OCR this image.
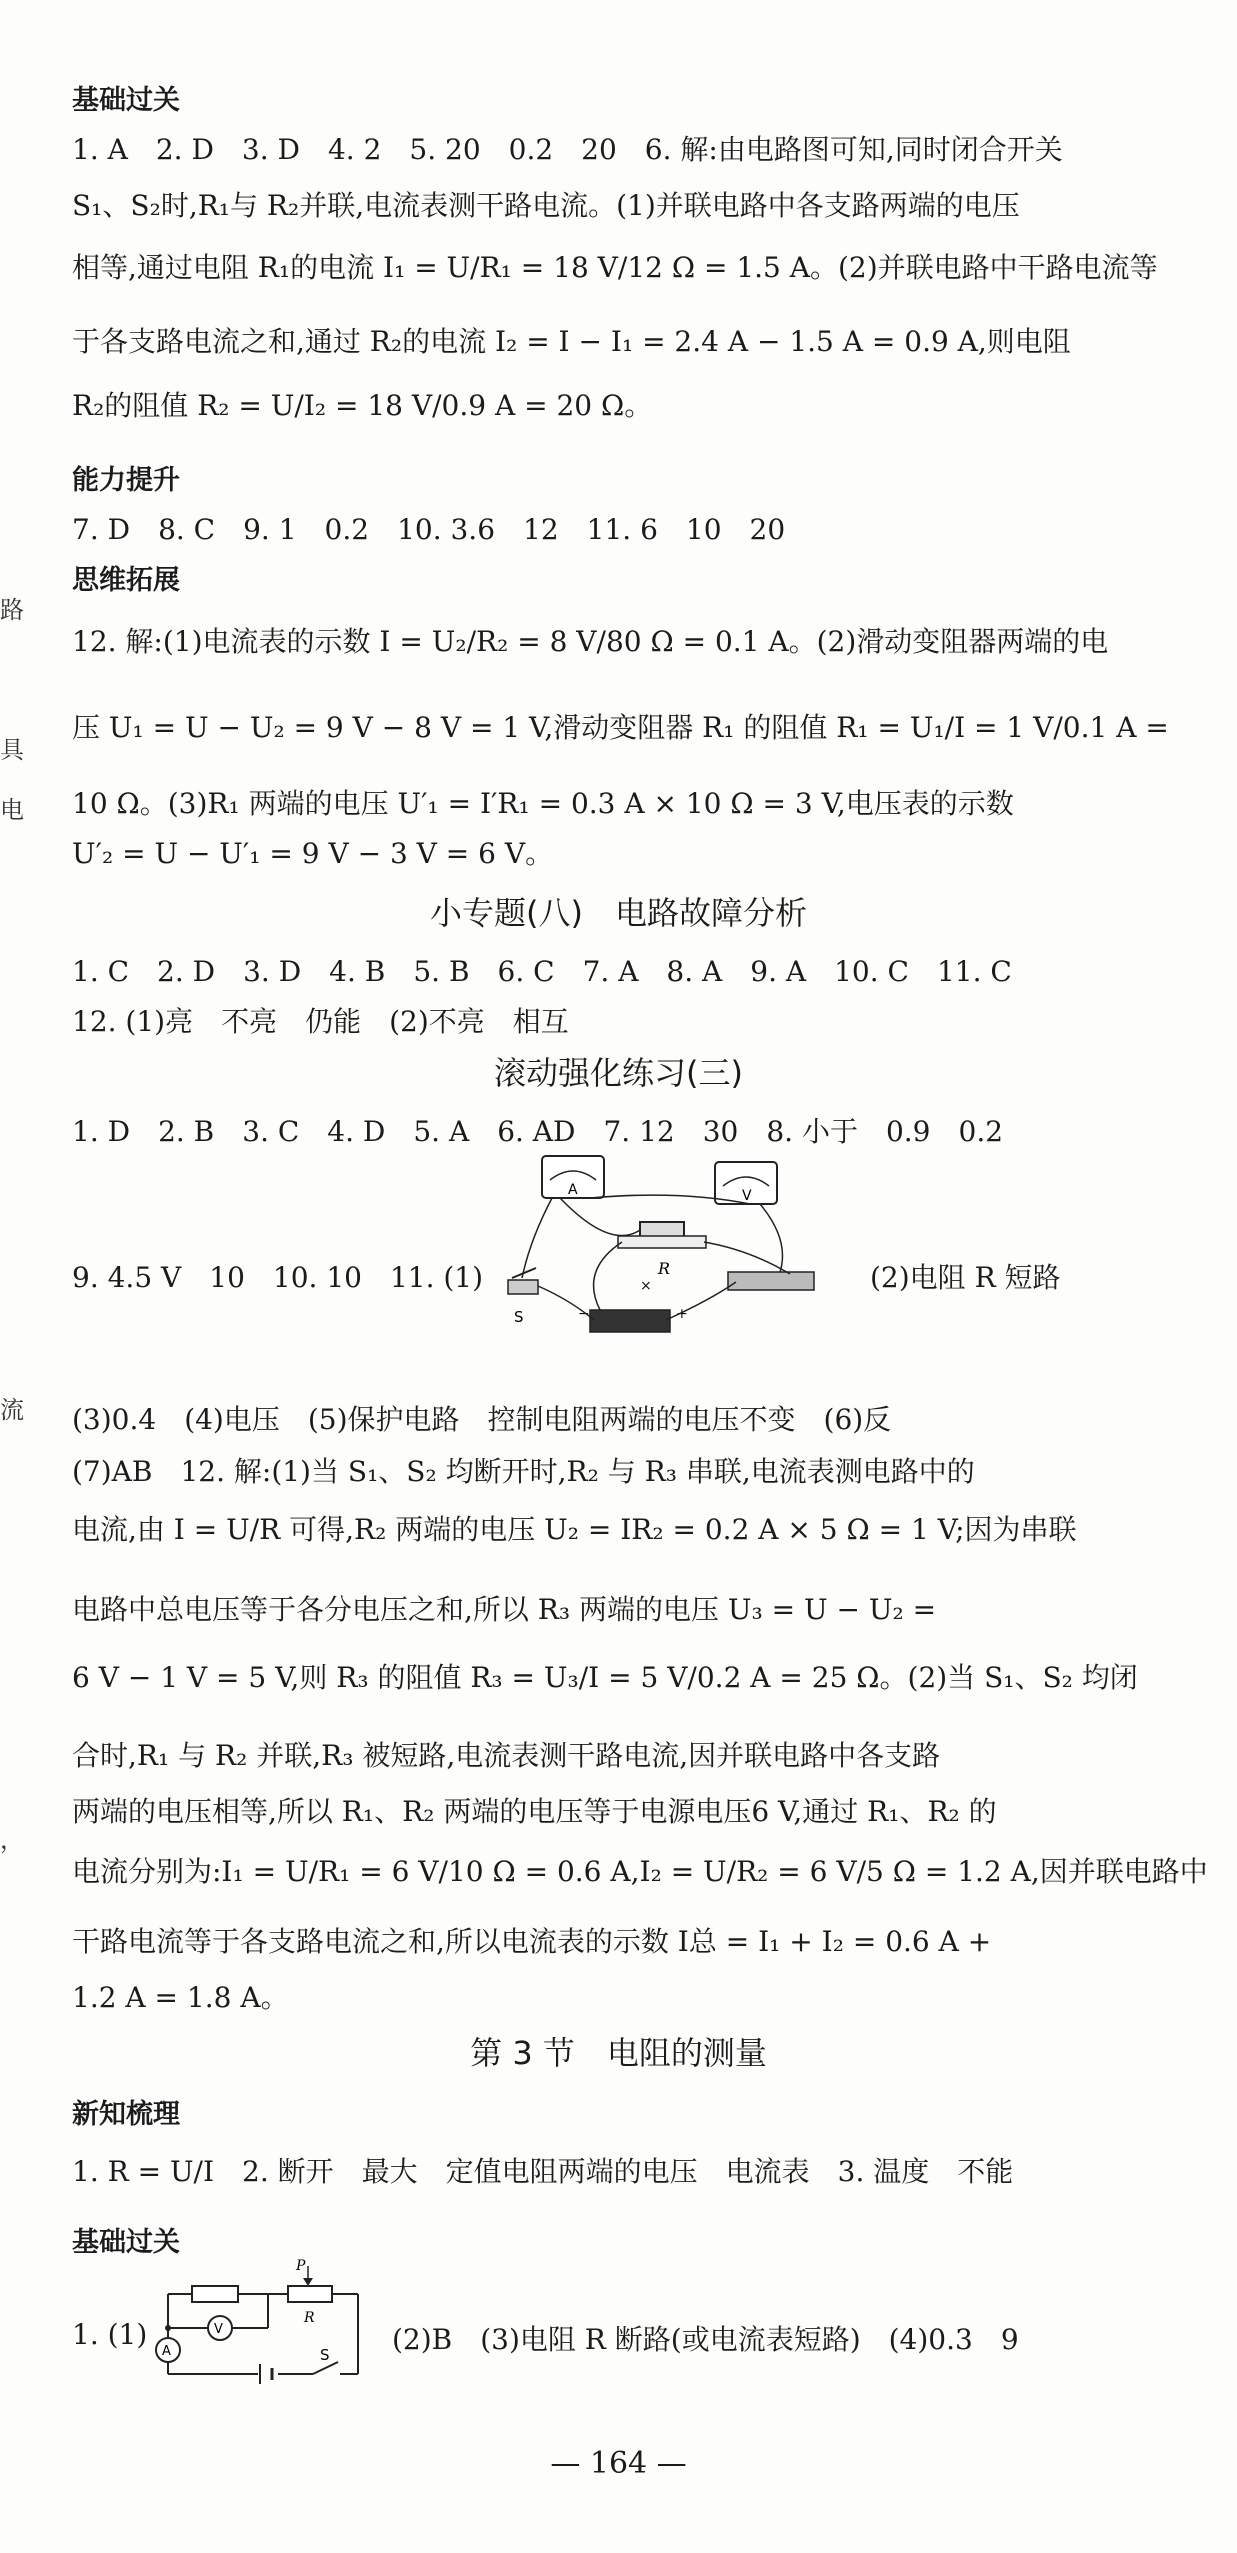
路
具
电
流
，
基础过关
1. A　2. D　3. D　4. 2　5. 20　0.2　20　6. 解:由电路图可知,同时闭合开关
S₁、S₂时,R₁与 R₂并联,电流表测干路电流。(1)并联电路中各支路两端的电压
相等,通过电阻 R₁的电流 I₁ = U/R₁ = 18 V/12 Ω = 1.5 A。(2)并联电路中干路电流等
于各支路电流之和,通过 R₂的电流 I₂ = I − I₁ = 2.4 A − 1.5 A = 0.9 A,则电阻
R₂的阻值 R₂ = U/I₂ = 18 V/0.9 A = 20 Ω。
能力提升
7. D　8. C　9. 1　0.2　10. 3.6　12　11. 6　10　20
思维拓展
12. 解:(1)电流表的示数 I = U₂/R₂ = 8 V/80 Ω = 0.1 A。(2)滑动变阻器两端的电
压 U₁ = U − U₂ = 9 V − 8 V = 1 V,滑动变阻器 R₁ 的阻值 R₁ = U₁/I = 1 V/0.1 A =
10 Ω。(3)R₁ 两端的电压 U′₁ = I′R₁ = 0.3 A × 10 Ω = 3 V,电压表的示数
U′₂ = U − U′₁ = 9 V − 3 V = 6 V。
小专题(八)　电路故障分析
1. C　2. D　3. D　4. B　5. B　6. C　7. A　8. A　9. A　10. C　11. C
12. (1)亮　不亮　仍能　(2)不亮　相互
滚动强化练习(三)
1. D　2. B　3. C　4. D　5. A　6. AD　7. 12　30　8. 小于　0.9　0.2
9. 4.5 V　10　10. 10　11. (1)
A	V
R
S	−	+
×	(2)电阻 R 短路
(3)0.4　(4)电压　(5)保护电路　控制电阻两端的电压不变　(6)反
(7)AB　12. 解:(1)当 S₁、S₂ 均断开时,R₂ 与 R₃ 串联,电流表测电路中的
电流,由 I = U/R 可得,R₂ 两端的电压 U₂ = IR₂ = 0.2 A × 5 Ω = 1 V;因为串联
电路中总电压等于各分电压之和,所以 R₃ 两端的电压 U₃ = U − U₂ =
6 V − 1 V = 5 V,则 R₃ 的阻值 R₃ = U₃/I = 5 V/0.2 A = 25 Ω。(2)当 S₁、S₂ 均闭
合时,R₁ 与 R₂ 并联,R₃ 被短路,电流表测干路电流,因并联电路中各支路
两端的电压相等,所以 R₁、R₂ 两端的电压等于电源电压6 V,通过 R₁、R₂ 的
电流分别为:I₁ = U/R₁ = 6 V/10 Ω = 0.6 A,I₂ = U/R₂ = 6 V/5 Ω = 1.2 A,因并联电路中
干路电流等于各支路电流之和,所以电流表的示数 I总 = I₁ + I₂ = 0.6 A +
1.2 A = 1.8 A。
第 3 节　电阻的测量
新知梳理
1. R = U/I　2. 断开　最大　定值电阻两端的电压　电流表　3. 温度　不能
基础过关
1. (1)
S
P
R
V
A	(2)B　(3)电阻 R 断路(或电流表短路)　(4)0.3　9
— 164 —
